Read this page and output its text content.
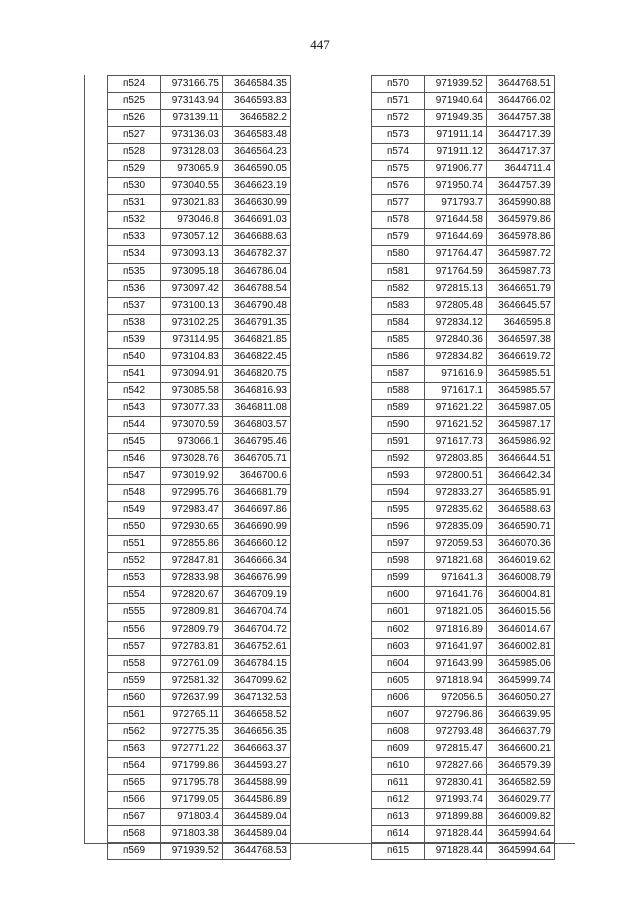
447
п524	973166.75	3646584.35
п525	973143.94	3646593.83
п526	973139.11	3646582.2
п527	973136.03	3646583.48
п528	973128.03	3646564.23
п529	973065.9	3646590.05
п530	973040.55	3646623.19
п531	973021.83	3646630.99
п532	973046.8	3646691.03
п533	973057.12	3646688.63
п534	973093.13	3646782.37
п535	973095.18	3646786.04
п536	973097.42	3646788.54
п537	973100.13	3646790.48
п538	973102.25	3646791.35
п539	973114.95	3646821.85
п540	973104.83	3646822.45
п541	973094.91	3646820.75
п542	973085.58	3646816.93
п543	973077.33	3646811.08
п544	973070.59	3646803.57
п545	973066.1	3646795.46
п546	973028.76	3646705.71
п547	973019.92	3646700.6
п548	972995.76	3646681.79
п549	972983.47	3646697.86
п550	972930.65	3646690.99
п551	972855.86	3646660.12
п552	972847.81	3646666.34
п553	972833.98	3646676.99
п554	972820.67	3646709.19
п555	972809.81	3646704.74
п556	972809.79	3646704.72
п557	972783.81	3646752.61
п558	972761.09	3646784.15
п559	972581.32	3647099.62
п560	972637.99	3647132.53
п561	972765.11	3646658.52
п562	972775.35	3646656.35
п563	972771.22	3646663.37
п564	971799.86	3644593.27
п565	971795.78	3644588.99
п566	971799.05	3644586.89
п567	971803.4	3644589.04
п568	971803.38	3644589.04
п569	971939.52	3644768.53
п570	971939.52	3644768.51
п571	971940.64	3644766.02
п572	971949.35	3644757.38
п573	971911.14	3644717.39
п574	971911.12	3644717.37
п575	971906.77	3644711.4
п576	971950.74	3644757.39
п577	971793.7	3645990.88
п578	971644.58	3645979.86
п579	971644.69	3645978.86
п580	971764.47	3645987.72
п581	971764.59	3645987.73
п582	972815.13	3646651.79
п583	972805.48	3646645.57
п584	972834.12	3646595.8
п585	972840.36	3646597.38
п586	972834.82	3646619.72
п587	971616.9	3645985.51
п588	971617.1	3645985.57
п589	971621.22	3645987.05
п590	971621.52	3645987.17
п591	971617.73	3645986.92
п592	972803.85	3646644.51
п593	972800.51	3646642.34
п594	972833.27	3646585.91
п595	972835.62	3646588.63
п596	972835.09	3646590.71
п597	972059.53	3646070.36
п598	971821.68	3646019.62
п599	971641.3	3646008.79
п600	971641.76	3646004.81
п601	971821.05	3646015.56
п602	971816.89	3646014.67
п603	971641.97	3646002.81
п604	971643.99	3645985.06
п605	971818.94	3645999.74
п606	972056.5	3646050.27
п607	972796.86	3646639.95
п608	972793.48	3646637.79
п609	972815.47	3646600.21
п610	972827.66	3646579.39
п611	972830.41	3646582.59
п612	971993.74	3646029.77
п613	971899.88	3646009.82
п614	971828.44	3645994.64
п615	971828.44	3645994.64
